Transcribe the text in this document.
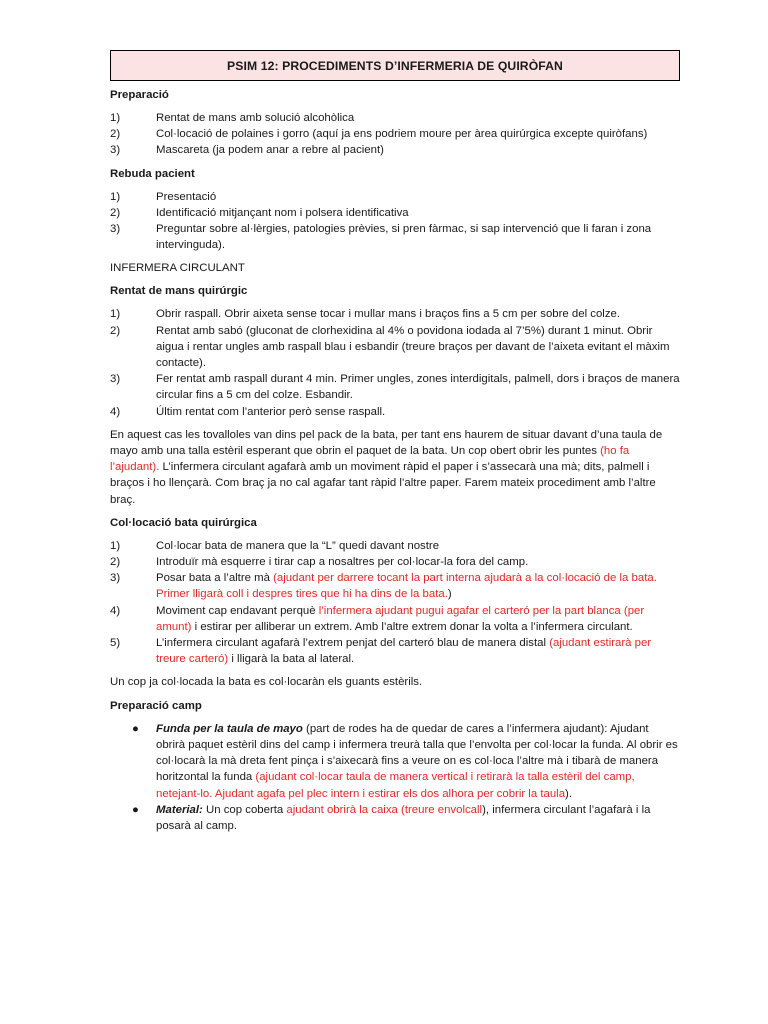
PSIM 12: PROCEDIMENTS D’INFERMERIA DE QUIRÒFAN
Preparació
1)	Rentat de mans amb solució alcohòlica
2)	Col·locació de polaines i gorro (aquí ja ens podriem moure per àrea quirúrgica excepte quiròfans)
3)	Mascareta (ja podem anar a rebre al pacient)
Rebuda pacient
1)	Presentació
2)	Identificació mitjançant nom i polsera identificativa
3)	Preguntar sobre al·lèrgies, patologies prèvies, si pren fàrmac, si sap intervenció que li faran i zona intervinguda).
INFERMERA CIRCULANT
Rentat de mans quirúrgic
1)	Obrir raspall. Obrir aixeta sense tocar i mullar mans i braços fins a 5 cm per sobre del colze.
2)	Rentat amb sabó (gluconat de clorhexidina al 4% o povidona iodada al 7’5%) durant 1 minut. Obrir aigua i rentar ungles amb raspall blau i esbandir (treure braços per davant de l’aixeta evitant el màxim contacte).
3)	Fer rentat amb raspall durant 4 min. Primer ungles, zones interdigitals, palmell, dors i braços de manera circular fins a 5 cm del colze. Esbandir.
4)	Últim rentat com l’anterior però sense raspall.
En aquest cas les tovalloles van dins pel pack de la bata, per tant ens haurem de situar davant d’una taula de mayo amb una talla estèril esperant que obrin el paquet de la bata. Un cop obert obrir les puntes (ho fa l’ajudant). L’infermera circulant agafarà amb un moviment ràpid el paper i s’assecarà una mà; dits, palmell i braços i ho llençarà. Com braç ja no cal agafar tant ràpid l’altre paper. Farem mateix procediment amb l’altre braç.
Col·locació bata quirúrgica
1)	Col·locar bata de manera que la “L” quedi davant nostre
2)	Introduïr mà esquerre i tirar cap a nosaltres per col·locar-la fora del camp.
3)	Posar bata a l’altre mà (ajudant per darrere tocant la part interna ajudarà a la col·locació de la bata. Primer lligarà coll i despres tires que hi ha dins de la bata.)
4)	Moviment cap endavant perquè l’infermera ajudant pugui agafar el carteró per la part blanca (per amunt) i estirar per alliberar un extrem. Amb l’altre extrem donar la volta a l’infermera circulant.
5)	L’infermera circulant agafarà l’extrem penjat del carteró blau de manera distal (ajudant estirarà per treure carteró) i lligarà la bata al lateral.
Un cop ja col·locada la bata es col·locaràn els guants estèrils.
Preparació camp
● Funda per la taula de mayo (part de rodes ha de quedar de cares a l’infermera ajudant): Ajudant obrirà paquet estèril dins del camp i infermera treurà talla que l’envolta per col·locar la funda. Al obrir es col·locarà la mà dreta fent pinça i s’aixecarà fins a veure on es col·loca l’altre mà i tibarà de manera horitzontal la funda (ajudant col·locar taula de manera vertical i retirarà la talla estèril del camp, netejant-lo. Ajudant agafa pel plec intern i estirar els dos alhora per cobrir la taula).
● Material: Un cop coberta ajudant obrirà la caixa (treure envolcall), infermera circulant l’agafarà i la posarà al camp.
